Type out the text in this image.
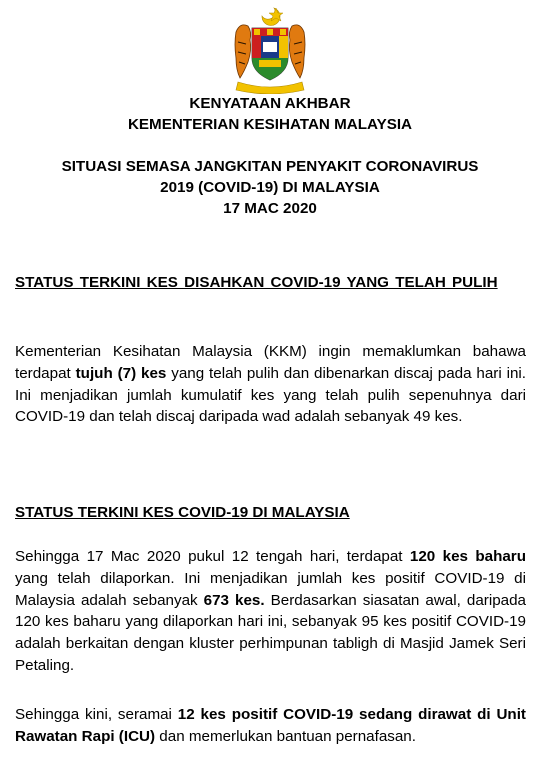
KENYATAAN AKHBAR
KEMENTERIAN KESIHATAN MALAYSIA
SITUASI SEMASA JANGKITAN PENYAKIT CORONAVIRUS
2019 (COVID-19) DI MALAYSIA
17 MAC 2020
STATUS TERKINI KES DISAHKAN COVID-19 YANG TELAH PULIH
Kementerian Kesihatan Malaysia (KKM) ingin memaklumkan bahawa terdapat tujuh (7) kes yang telah pulih dan dibenarkan discaj pada hari ini. Ini menjadikan jumlah kumulatif kes yang telah pulih sepenuhnya dari COVID-19 dan telah discaj daripada wad adalah sebanyak 49 kes.
STATUS TERKINI KES COVID-19 DI MALAYSIA
Sehingga 17 Mac 2020 pukul 12 tengah hari, terdapat 120 kes baharu yang telah dilaporkan. Ini menjadikan jumlah kes positif COVID-19 di Malaysia adalah sebanyak 673 kes. Berdasarkan siasatan awal, daripada 120 kes baharu yang dilaporkan hari ini, sebanyak 95 kes positif COVID-19 adalah berkaitan dengan kluster perhimpunan tabligh di Masjid Jamek Seri Petaling.
Sehingga kini, seramai 12 kes positif COVID-19 sedang dirawat di Unit Rawatan Rapi (ICU) dan memerlukan bantuan pernafasan.
